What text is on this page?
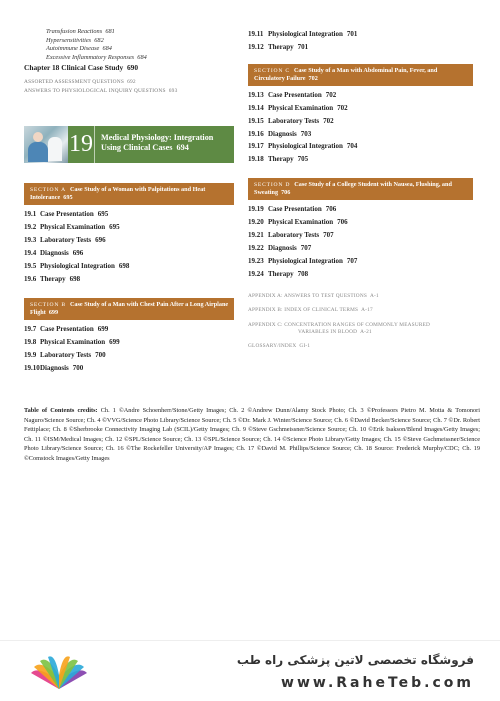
Transfusion Reactions 681
Hypersensitivities 682
Autoimmune Disease 684
Excessive Inflammatory Responses 684
Chapter 18 Clinical Case Study 690
ASSORTED ASSESSMENT QUESTIONS 692
ANSWERS TO PHYSIOLOGICAL INQUIRY QUESTIONS 693
19 Medical Physiology: Integration
Using Clinical Cases 694
SECTION A Case Study of a Woman with Palpitations and Heat Intolerance 695
19.1 Case Presentation 695
19.2 Physical Examination 695
19.3 Laboratory Tests 696
19.4 Diagnosis 696
19.5 Physiological Integration 698
19.6 Therapy 698
SECTION B Case Study of a Man with Chest Pain After a Long Airplane Flight 699
19.7 Case Presentation 699
19.8 Physical Examination 699
19.9 Laboratory Tests 700
19.10 Diagnosis 700
19.11 Physiological Integration 701
19.12 Therapy 701
SECTION C Case Study of a Man with Abdominal Pain, Fever, and Circulatory Failure 702
19.13 Case Presentation 702
19.14 Physical Examination 702
19.15 Laboratory Tests 702
19.16 Diagnosis 703
19.17 Physiological Integration 704
19.18 Therapy 705
SECTION D Case Study of a College Student with Nausea, Flushing, and Sweating 706
19.19 Case Presentation 706
19.20 Physical Examination 706
19.21 Laboratory Tests 707
19.22 Diagnosis 707
19.23 Physiological Integration 707
19.24 Therapy 708
APPENDIX A: ANSWERS TO TEST QUESTIONS A-1
APPENDIX B: INDEX OF CLINICAL TERMS A-17
APPENDIX C: CONCENTRATION RANGES OF COMMONLY MEASURED
VARIABLES IN BLOOD A-21
GLOSSARY/INDEX GI-1
Table of Contents credits: Ch. 1 ©Andre Schoenherr/Stone/Getty Images; Ch. 2 ©Andrew Dunn/Alamy Stock Photo; Ch. 3 ©Professors Pietro M. Motta & Tomonori Naguro/Science Source; Ch. 4 ©VVG/Science Photo Library/Science Source; Ch. 5 ©Dr. Mark J. Winter/Science Source; Ch. 6 ©David Becker/Science Source; Ch. 7 ©Dr. Robert Fettiplace; Ch. 8 ©Sherbrooke Connectivity Imaging Lab (SCIL)/Getty Images; Ch. 9 ©Steve Gschmeissner/Science Source; Ch. 10 ©Erik Isakson/Blend Images/Getty Images; Ch. 11 ©ISM/Medical Images; Ch. 12 ©SPL/Science Source; Ch. 13 ©SPL/Science Source; Ch. 14 ©Science Photo Library/Getty Images; Ch. 15 ©Steve Gschmeissner/Science Photo Library/Science Source; Ch. 16 ©The Rockefeller University/AP Images; Ch. 17 ©David M. Phillips/Science Source; Ch. 18 Source: Frederick Murphy/CDC; Ch. 19 ©Comstock Images/Getty Images
فروشگاه تخصصی لاتین پزشکی راه طب
www.RaheTeb.com
